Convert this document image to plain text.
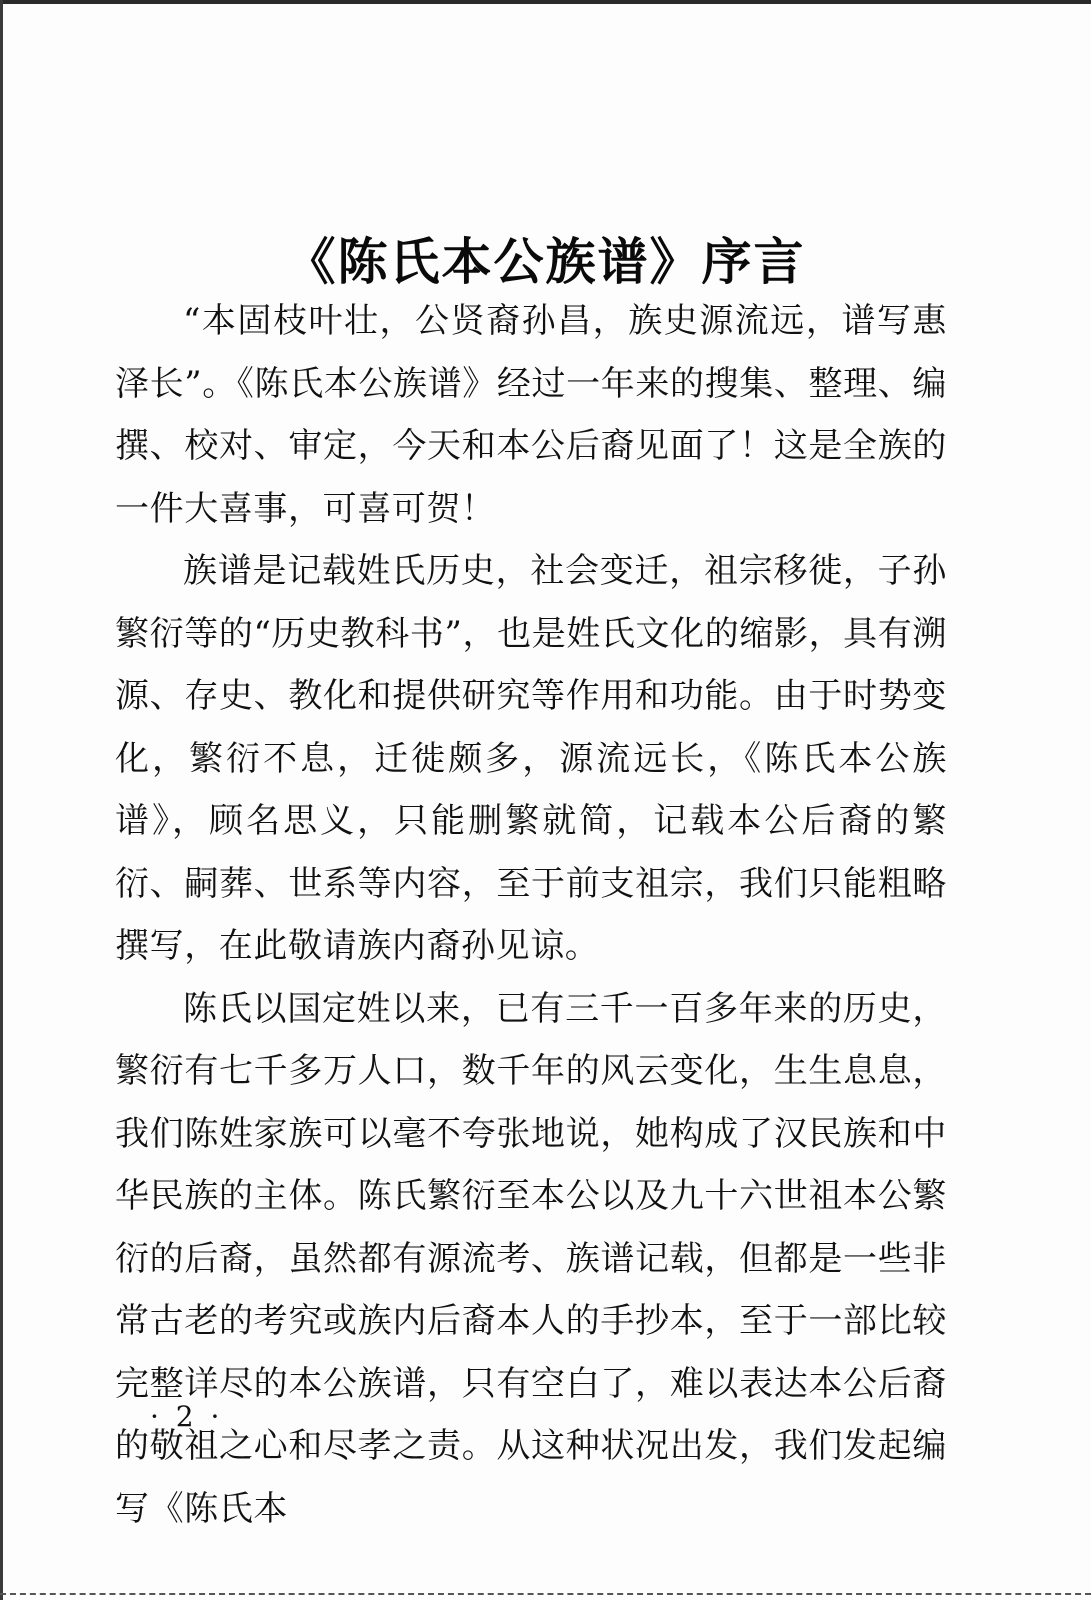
《陈氏本公族谱》序言

“本固枝叶壮，公贤裔孙昌，族史源流远，谱写惠泽长”。《陈氏本公族谱》经过一年来的搜集、整理、编撰、校对、审定，今天和本公后裔见面了！这是全族的一件大喜事，可喜可贺！

族谱是记载姓氏历史，社会变迁，祖宗移徙，子孙繁衍等的“历史教科书”，也是姓氏文化的缩影，具有溯源、存史、教化和提供研究等作用和功能。由于时势变化，繁衍不息，迁徙颇多，源流远长，《陈氏本公族谱》，顾名思义，只能删繁就简，记载本公后裔的繁衍、嗣葬、世系等内容，至于前支祖宗，我们只能粗略撰写，在此敬请族内裔孙见谅。

陈氏以国定姓以来，已有三千一百多年来的历史，繁衍有七千多万人口，数千年的风云变化，生生息息，我们陈姓家族可以毫不夸张地说，她构成了汉民族和中华民族的主体。陈氏繁衍至本公以及九十六世祖本公繁衍的后裔，虽然都有源流考、族谱记载，但都是一些非常古老的考究或族内后裔本人的手抄本，至于一部比较完整详尽的本公族谱，只有空白了，难以表达本公后裔的敬祖之心和尽孝之责。从这种状况出发，我们发起编写《陈氏本

· 2 ·
